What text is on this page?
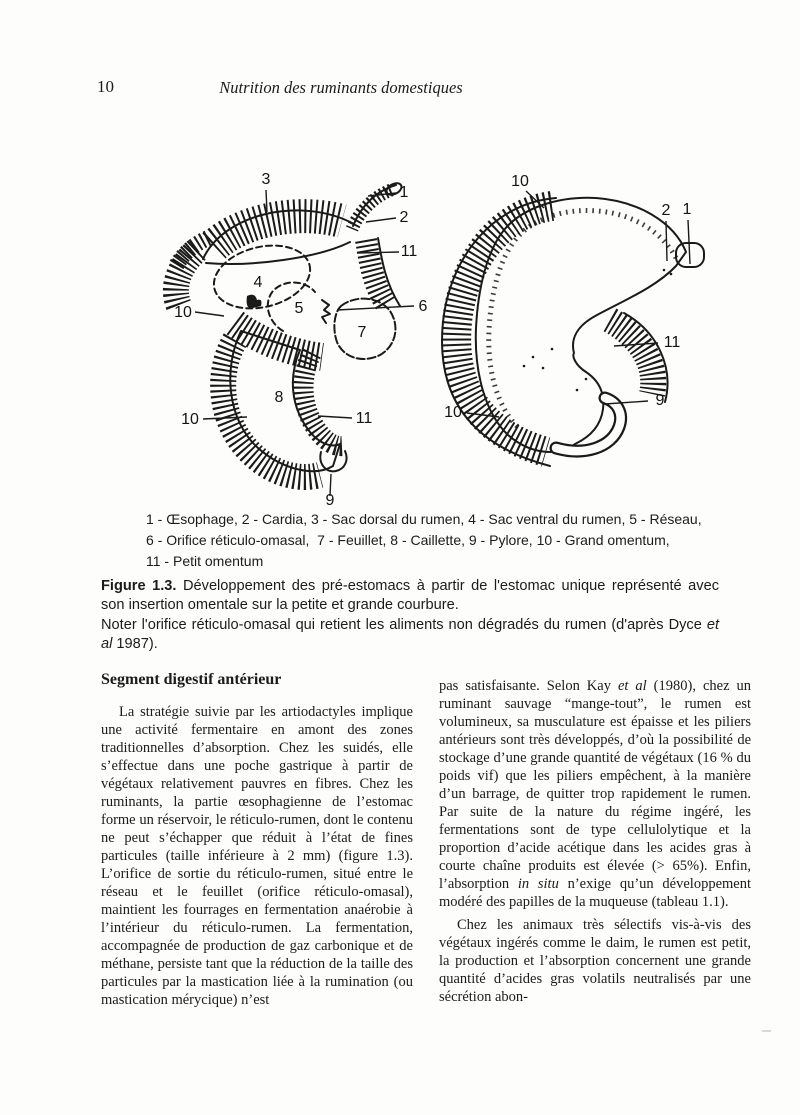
10	Nutrition des ruminants domestiques
3
1
2
11
4
5
10	6
7
8
10	11
9
10
2 1
11
9
10
1 - Œsophage, 2 - Cardia, 3 - Sac dorsal du rumen, 4 - Sac ventral du rumen, 5 - Réseau,
6 - Orifice réticulo-omasal,  7 - Feuillet, 8 - Caillette, 9 - Pylore, 10 - Grand omentum,
11 - Petit omentum

Figure 1.3. Développement des pré-estomacs à partir de l'estomac unique représenté avec son insertion omentale sur la petite et grande courbure.

Noter l'orifice réticulo-omasal qui retient les aliments non dégradés du rumen (d'après Dyce et al 1987).

Segment digestif antérieur

La stratégie suivie par les artiodactyles implique une activité fermentaire en amont des zones traditionnelles d’absorption. Chez les suidés, elle s’effectue dans une poche gastrique à partir de végétaux relativement pauvres en fibres. Chez les ruminants, la partie œsophagienne de l’estomac forme un réservoir, le réticulo-rumen, dont le contenu ne peut s’échapper que réduit à l’état de fines particules (taille inférieure à 2 mm) (figure 1.3). L’orifice de sortie du réticulo-rumen, situé entre le réseau et le feuillet (orifice réticulo-omasal), maintient les fourrages en fermentation anaérobie à l’intérieur du réticulo-rumen. La fermentation, accompagnée de production de gaz carbonique et de méthane, persiste tant que la réduction de la taille des particules par la mastication liée à la rumination (ou mastication mérycique) n’est

pas satisfaisante. Selon Kay et al (1980), chez un ruminant sauvage “mange-tout”, le rumen est volumineux, sa musculature est épaisse et les piliers antérieurs sont très développés, d’où la possibilité de stockage d’une grande quantité de végétaux (16 % du poids vif) que les piliers empêchent, à la manière d’un barrage, de quitter trop rapidement le rumen. Par suite de la nature du régime ingéré, les fermentations sont de type cellulolytique et la proportion d’acide acétique dans les acides gras à courte chaîne produits est élevée (> 65%). Enfin, l’absorption in situ n’exige qu’un développement modéré des papilles de la muqueuse (tableau 1.1).

Chez les animaux très sélectifs vis-à-vis des végétaux ingérés comme le daim, le rumen est petit, la production et l’absorption concernent une grande quantité d’acides gras volatils neutralisés par une sécrétion abon-
